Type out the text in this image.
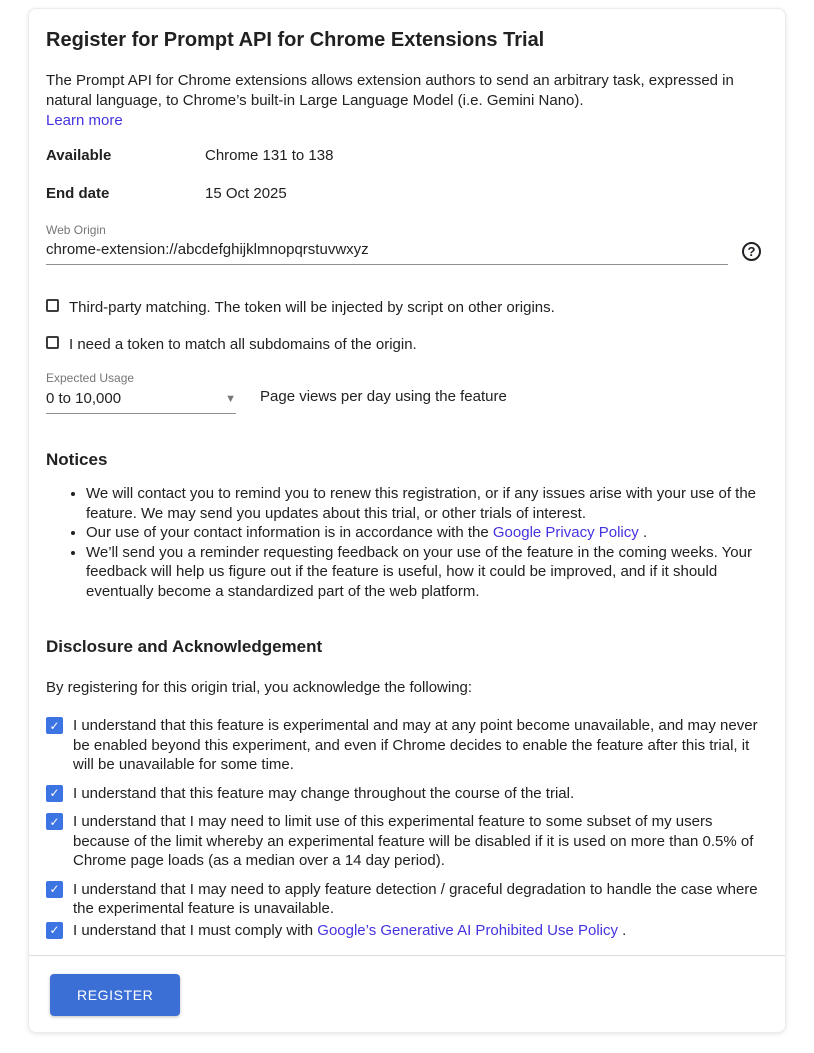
Register for Prompt API for Chrome Extensions Trial

The Prompt API for Chrome extensions allows extension authors to send an arbitrary task, expressed in natural language, to Chrome’s built-in Large Language Model (i.e. Gemini Nano).

Learn more
Available	Chrome 131 to 138
End date	15 Oct 2025
Web Origin
chrome-extension://abcdefghijklmnopqrstuvwxyz
?
Third-party matching. The token will be injected by script on other origins.
I need a token to match all subdomains of the origin.
Expected Usage
0 to 10,000	▼ Page views per day using the feature
Notices
• We will contact you to remind you to renew this registration, or if any issues arise with your use of the feature. We may send you updates about this trial, or other trials of interest.
• Our use of your contact information is in accordance with the Google Privacy Policy .
• We’ll send you a reminder requesting feedback on your use of the feature in the coming weeks. Your feedback will help us figure out if the feature is useful, how it could be improved, and if it should eventually become a standardized part of the web platform.
Disclosure and Acknowledgement

By registering for this origin trial, you acknowledge the following:

✓ I understand that this feature is experimental and may at any point become unavailable, and may never be enabled beyond this experiment, and even if Chrome decides to enable the feature after this trial, it will be unavailable for some time.
✓ I understand that this feature may change throughout the course of the trial.
✓ I understand that I may need to limit use of this experimental feature to some subset of my users because of the limit whereby an experimental feature will be disabled if it is used on more than 0.5% of Chrome page loads (as a median over a 14 day period).
✓ I understand that I may need to apply feature detection / graceful degradation to handle the case where the experimental feature is unavailable.
✓ I understand that I must comply with Google’s Generative AI Prohibited Use Policy .
REGISTER
